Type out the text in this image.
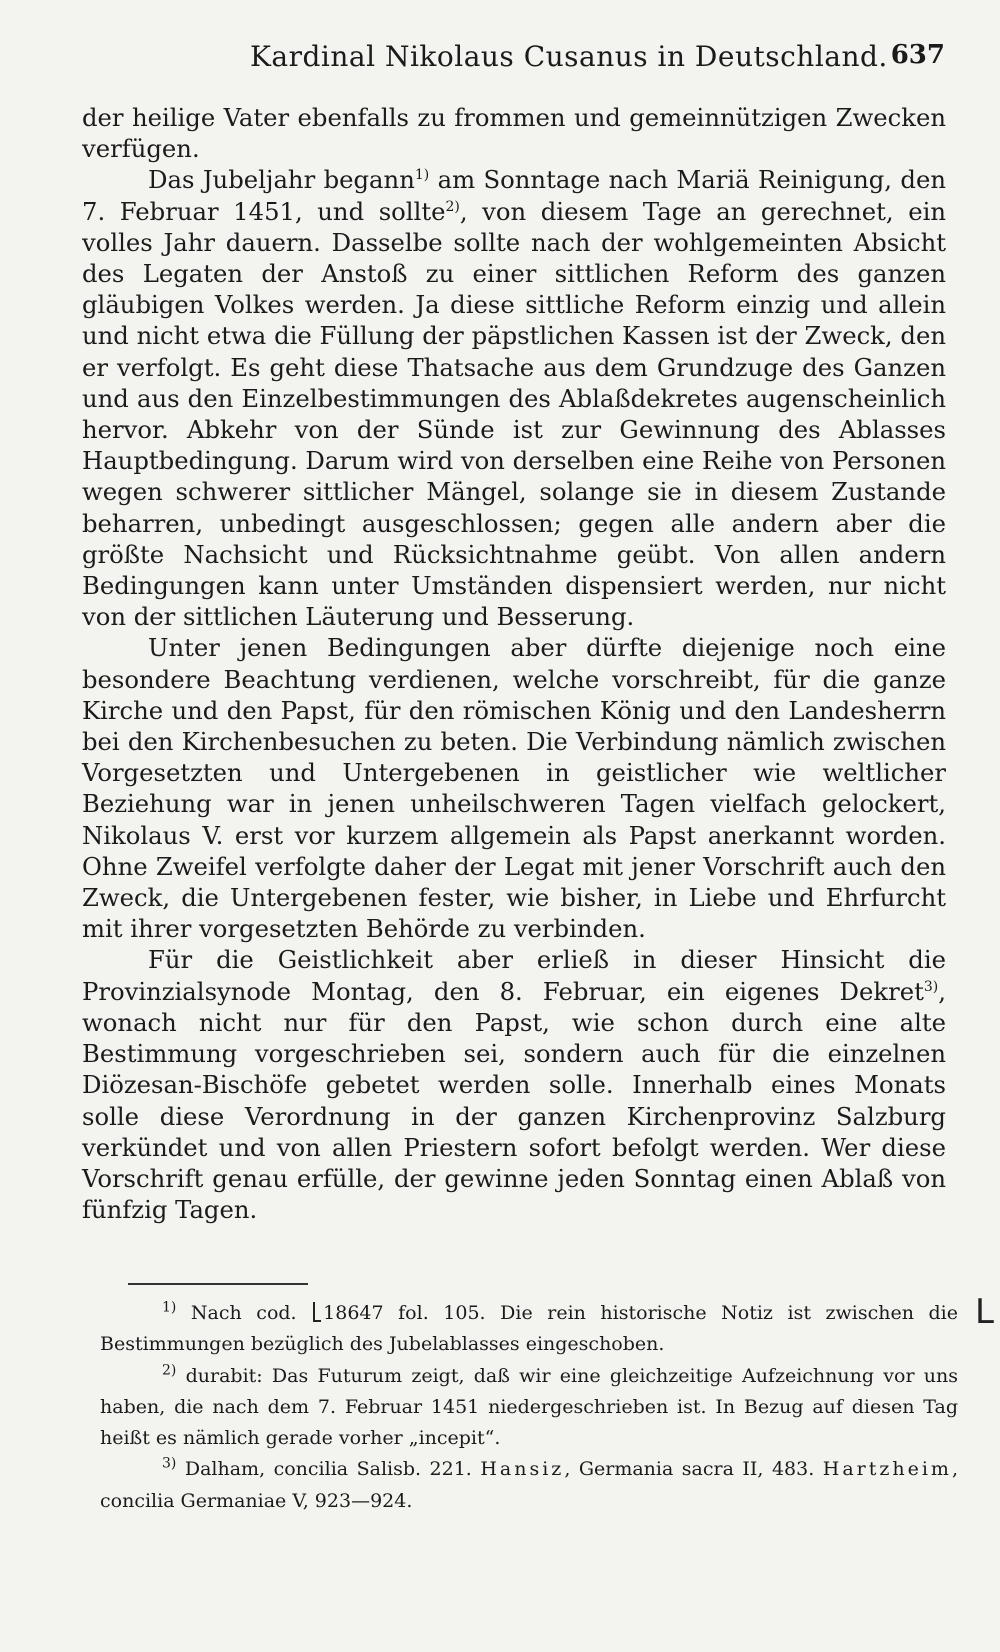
Kardinal Nikolaus Cusanus in Deutschland. 637

der heilige Vater ebenfalls zu frommen und gemeinnützigen Zwecken verfügen.

Das Jubeljahr begann$^{1)}$ am Sonntage nach Mariä Reinigung, den 7. Februar 1451, und sollte$^{2)}$, von diesem Tage an gerechnet, ein volles Jahr dauern. Dasselbe sollte nach der wohlgemeinten Absicht des Legaten der Anstoß zu einer sittlichen Reform des ganzen gläubigen Volkes werden. Ja diese sittliche Reform einzig und allein und nicht etwa die Füllung der päpstlichen Kassen ist der Zweck, den er verfolgt. Es geht diese Thatsache aus dem Grundzuge des Ganzen und aus den Einzelbestimmungen des Ablaßdekretes augenscheinlich hervor. Abkehr von der Sünde ist zur Gewinnung des Ablasses Hauptbedingung. Darum wird von derselben eine Reihe von Personen wegen schwerer sittlicher Mängel, solange sie in diesem Zustande beharren, unbedingt ausgeschlossen; gegen alle andern aber die größte Nachsicht und Rücksichtnahme geübt. Von allen andern Bedingungen kann unter Umständen dispensiert werden, nur nicht von der sittlichen Läuterung und Besserung.

Unter jenen Bedingungen aber dürfte diejenige noch eine besondere Beachtung verdienen, welche vorschreibt, für die ganze Kirche und den Papst, für den römischen König und den Landesherrn bei den Kirchenbesuchen zu beten. Die Verbindung nämlich zwischen Vorgesetzten und Untergebenen in geistlicher wie weltlicher Beziehung war in jenen unheilschweren Tagen vielfach gelockert, Nikolaus V. erst vor kurzem allgemein als Papst anerkannt worden. Ohne Zweifel verfolgte daher der Legat mit jener Vorschrift auch den Zweck, die Untergebenen fester, wie bisher, in Liebe und Ehrfurcht mit ihrer vorgesetzten Behörde zu verbinden.

Für die Geistlichkeit aber erließ in dieser Hinsicht die Provinzialsynode Montag, den 8. Februar, ein eigenes Dekret$^{3)}$, wonach nicht nur für den Papst, wie schon durch eine alte Bestimmung vorgeschrieben sei, sondern auch für die einzelnen Diözesan-Bischöfe gebetet werden solle. Innerhalb eines Monats solle diese Verordnung in der ganzen Kirchenprovinz Salzburg verkündet und von allen Priestern sofort befolgt werden. Wer diese Vorschrift genau erfülle, der gewinne jeden Sonntag einen Ablaß von fünfzig Tagen.

$^{1)}$ Nach cod. 18647 fol. 105. Die rein historische Notiz ist zwischen die Bestimmungen bezüglich des Jubelablasses eingeschoben.

$^{2)}$ durabit: Das Futurum zeigt, daß wir eine gleichzeitige Aufzeichnung vor uns haben, die nach dem 7. Februar 1451 niedergeschrieben ist. In Bezug auf diesen Tag heißt es nämlich gerade vorher „incepit“.

$^{3)}$ Dalham, concilia Salisb. 221. Hansiz, Germania sacra II, 483. Hartzheim, concilia Germaniae V, 923—924.

L
